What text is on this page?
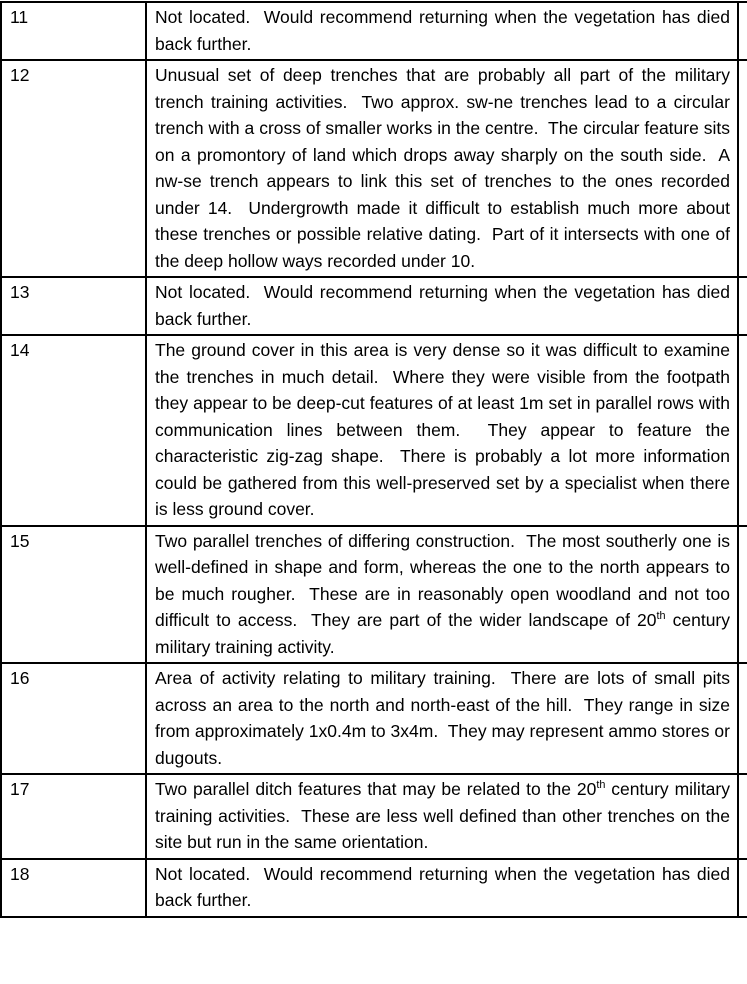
11	Not located.  Would recommend returning when the vegetation has died back further.	
12	Unusual set of deep trenches that are probably all part of the military trench training activities.  Two approx. sw-ne trenches lead to a circular trench with a cross of smaller works in the centre.  The circular feature sits on a promontory of land which drops away sharply on the south side.  A nw-se trench appears to link this set of trenches to the ones recorded under 14.  Undergrowth made it difficult to establish much more about these trenches or possible relative dating.  Part of it intersects with one of the deep hollow ways recorded under 10.	
13	Not located.  Would recommend returning when the vegetation has died back further.	
14	The ground cover in this area is very dense so it was difficult to examine the trenches in much detail.  Where they were visible from the footpath they appear to be deep-cut features of at least 1m set in parallel rows with communication lines between them.  They appear to feature the characteristic zig-zag shape.  There is probably a lot more information could be gathered from this well-preserved set by a specialist when there is less ground cover.	
15	Two parallel trenches of differing construction.  The most southerly one is well-defined in shape and form, whereas the one to the north appears to be much rougher.  These are in reasonably open woodland and not too difficult to access.  They are part of the wider landscape of 20th century military training activity.	
16	Area of activity relating to military training.  There are lots of small pits across an area to the north and north-east of the hill.  They range in size from approximately 1x0.4m to 3x4m.  They may represent ammo stores or dugouts.	
17	Two parallel ditch features that may be related to the 20th century military training activities.  These are less well defined than other trenches on the site but run in the same orientation.	
18	Not located.  Would recommend returning when the vegetation has died back further.	
